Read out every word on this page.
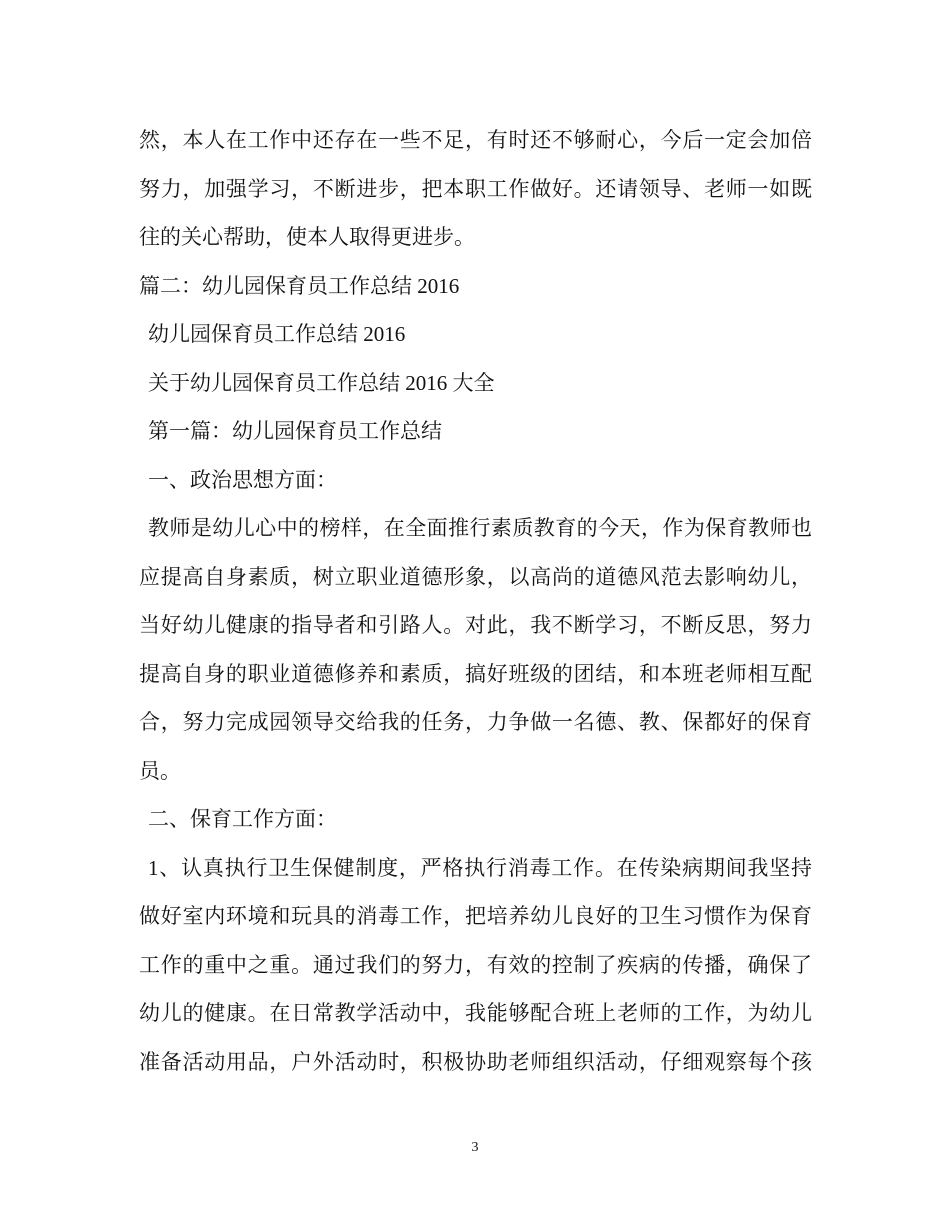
然，本人在工作中还存在一些不足，有时还不够耐心，今后一定会加倍
努力，加强学习，不断进步，把本职工作做好。还请领导、老师一如既
往的关心帮助，使本人取得更进步。
篇二：幼儿园保育员工作总结 2016
幼儿园保育员工作总结 2016
关于幼儿园保育员工作总结 2016 大全
第一篇：幼儿园保育员工作总结
一、政治思想方面：
教师是幼儿心中的榜样，在全面推行素质教育的今天，作为保育教师也
应提高自身素质，树立职业道德形象，以高尚的道德风范去影响幼儿，
当好幼儿健康的指导者和引路人。对此，我不断学习，不断反思，努力
提高自身的职业道德修养和素质，搞好班级的团结，和本班老师相互配
合，努力完成园领导交给我的任务，力争做一名德、教、保都好的保育
员。
二、保育工作方面：
1、认真执行卫生保健制度，严格执行消毒工作。在传染病期间我坚持
做好室内环境和玩具的消毒工作，把培养幼儿良好的卫生习惯作为保育
工作的重中之重。通过我们的努力，有效的控制了疾病的传播，确保了
幼儿的健康。在日常教学活动中，我能够配合班上老师的工作，为幼儿
准备活动用品，户外活动时，积极协助老师组织活动，仔细观察每个孩
3
